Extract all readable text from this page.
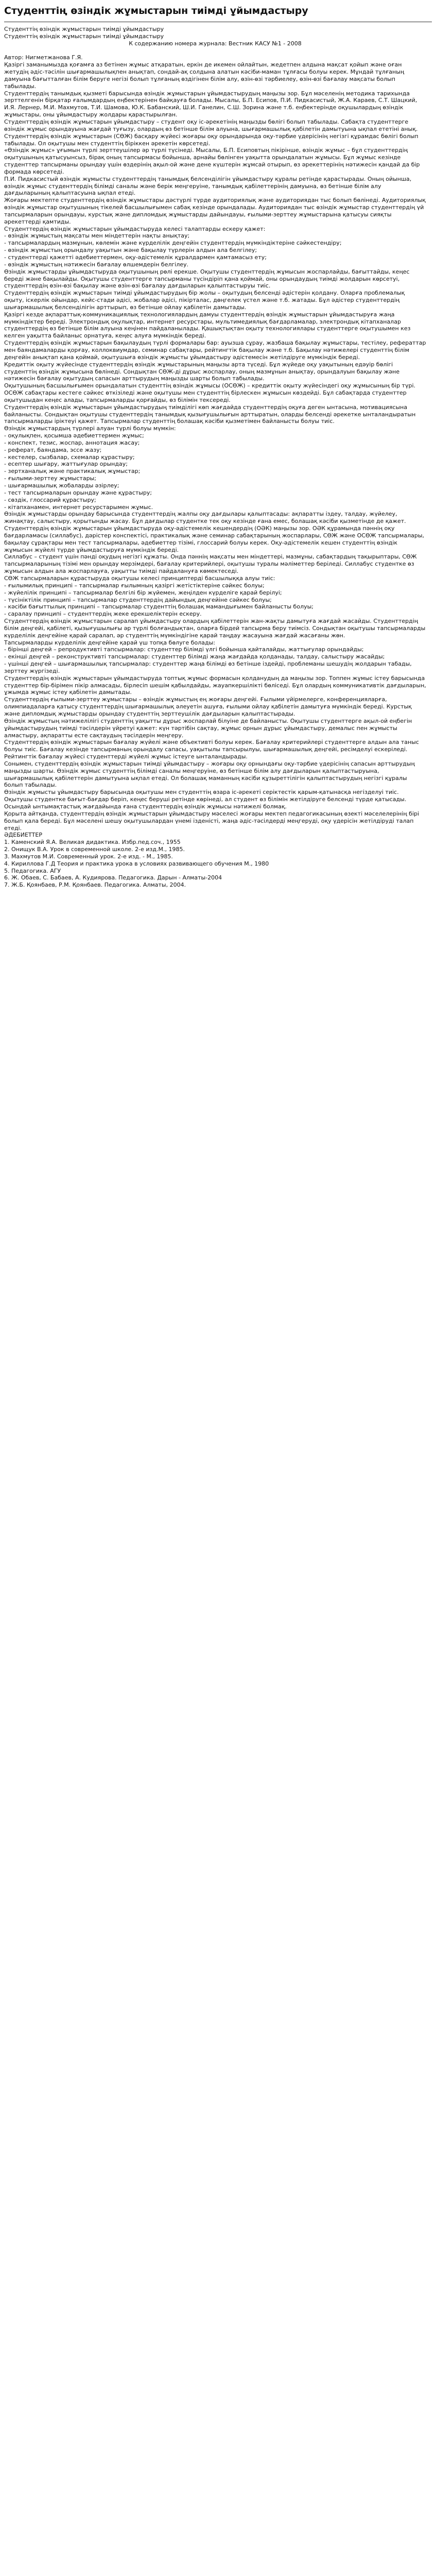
Студенттің өзіндік жұмыстарын тиімді ұйымдастыру

Студенттің өзіндік жұмыстарын тиімді ұйымдастыру

Студенттің өзіндік жұмыстарын тиімді ұйымдастыру

К содержанию номера журнала: Вестник КАСУ №1 - 2008

Автор: Нигметжанова Г.Я.

Қазіргі заманымызда қоғамға аз бетінен жұмыс атқаратын, еркін де икемен ойлайтын, жедетпен алдына мақсат қойып және оған жетудің әдіс-тәсілін шығармашылықпен анықтап, сондай-ақ солдына алатын кәсіби-маман тұлғасы болуы керек. Мұндай тұлғаның дамуына бағытталған білім беруге негізі болып тұлғаның өздігінен білім алу, өзін-өзі тәрбиелеу, өзін-өзі бағалау мақсаты болып табылады.

Студенттердің танымдық қызметі барысында өзіндік жұмыстарын ұйымдастырудың маңызы зор. Бұл мәселенің методика тарихында зерттелгенін бірқатар ғалымдардың еңбектерінен байқауға болады. Мысалы, Б.П. Есипов, П.И. Пидкасистый, Ж.А. Караев, С.Т. Шацкий, И.Я. Лернер, М.И. Махмутов, Т.И. Шамова, Ю.К. Бабанский, Ш.И. Ганелин, С.Ш. Зорина және т.б. еңбектерінде оқушылардың өзіндік жұмыстары, оны ұйымдастыру жолдары қарастырылған.

Студенттердің өзіндік жұмыстарын ұйымдастыру – студент оқу іс-әрекетінің маңызды бөлігі болып табылады. Сабақта студенттерге өзіндік жұмыс орындауына жағдай туғызу, олардың өз бетінше білім алуына, шығармашылық қабілетін дамытуына ықпал ететіні анық.

Студенттердің өзіндік жұмыстарын (СӨЖ) басқару жүйесі жоғары оқу орындарында оқу-тәрбие үдерісінің негізгі құрамдас бөлігі болып табылады. Ол оқытушы мен студенттің біріккен әрекетін көрсетеді.

«Өзіндік жұмыс» ұғымын түрлі зерттеушілер әр түрлі түсінеді. Мысалы, Б.П. Есиповтың пікірінше, өзіндік жұмыс – бұл студенттердің оқытушының қатысуынсыз, бірақ оның тапсырмасы бойынша, арнайы бөлінген уақытта орындалатын жұмысы. Бұл жұмыс кезінде студенттер тапсырманы орындау үшін өздерінің ақыл-ой және дене күштерін жұмсай отырып, өз әрекеттерінің нәтижесін қандай да бір формада көрсетеді.

П.И. Пидкасистый өзіндік жұмысты студенттердің танымдық белсенділігін ұйымдастыру құралы ретінде қарастырады. Оның ойынша, өзіндік жұмыс студенттердің білімді саналы және берік меңгеруіне, танымдық қабілеттерінің дамуына, өз бетінше білім алу дағдыларының қалыптасуына ықпал етеді.

Жоғары мектепте студенттердің өзіндік жұмыстары дәстүрлі түрде аудиториялық және аудиториядан тыс болып бөлінеді. Аудиториялық өзіндік жұмыстар оқытушының тікелей басшылығымен сабақ кезінде орындалады. Аудиториядан тыс өзіндік жұмыстар студенттердің үй тапсырмаларын орындауы, курстық және дипломдық жұмыстарды дайындауы, ғылыми-зерттеу жұмыстарына қатысуы сияқты әрекеттерді қамтиды.

Студенттердің өзіндік жұмыстарын ұйымдастыруда келесі талаптарды ескеру қажет:

- өзіндік жұмыстың мақсаты мен міндеттерін нақты анықтау;

- тапсырмалардың мазмұнын, көлемін және күрделілік деңгейін студенттердің мүмкіндіктеріне сәйкестендіру;

- өзіндік жұмыстың орындалу уақытын және бақылау түрлерін алдын ала белгілеу;

- студенттерді қажетті әдебиеттермен, оқу-әдістемелік құралдармен қамтамасыз ету;

- өзіндік жұмыстың нәтижесін бағалау өлшемдерін белгілеу.

Өзіндік жұмыстарды ұйымдастыруда оқытушының рөлі ерекше. Оқытушы студенттердің жұмысын жоспарлайды, бағыттайды, кеңес береді және бақылайды. Оқытушы студенттерге тапсырманы түсіндіріп қана қоймай, оны орындаудың тиімді жолдарын көрсетуі, студенттердің өзін-өзі бақылау және өзін-өзі бағалау дағдыларын қалыптастыруы тиіс.

Студенттердің өзіндік жұмыстарын тиімді ұйымдастырудың бір жолы – оқытудың белсенді әдістерін қолдану. Оларға проблемалық оқыту, іскерлік ойындар, кейс-стади әдісі, жобалар әдісі, пікірталас, дөңгелек үстел және т.б. жатады. Бұл әдістер студенттердің шығармашылық белсенділігін арттырып, өз бетінше ойлау қабілетін дамытады.

Қазіргі кезде ақпараттық-коммуникациялық технологиялардың дамуы студенттердің өзіндік жұмыстарын ұйымдастыруға жаңа мүмкіндіктер береді. Электрондық оқулықтар, интернет ресурстары, мультимедиялық бағдарламалар, электрондық кітапханалар студенттердің өз бетінше білім алуына кеңінен пайдаланылады. Қашықтықтан оқыту технологиялары студенттерге оқытушымен кез келген уақытта байланыс орнатуға, кеңес алуға мүмкіндік береді.

Студенттердің өзіндік жұмыстарын бақылаудың түрлі формалары бар: ауызша сұрау, жазбаша бақылау жұмыстары, тестілеу, рефераттар мен баяндамаларды қорғау, коллоквиумдар, семинар сабақтары, рейтингтік бақылау және т.б. Бақылау нәтижелері студенттің білім деңгейін анықтап қана қоймай, оқытушыға өзіндік жұмысты ұйымдастыру әдістемесін жетілдіруге мүмкіндік береді.

Кредиттік оқыту жүйесінде студенттердің өзіндік жұмыстарының маңызы арта түседі. Бұл жүйеде оқу уақытының едәуір бөлігі студенттің өзіндік жұмысына бөлінеді. Сондықтан СӨЖ-ді дұрыс жоспарлау, оның мазмұнын анықтау, орындалуын бақылау және нәтижесін бағалау оқытудың сапасын арттырудың маңызды шарты болып табылады.

Оқытушының басшылығымен орындалатын студенттің өзіндік жұмысы (ОСӨЖ) – кредиттік оқыту жүйесіндегі оқу жұмысының бір түрі. ОСӨЖ сабақтары кестеге сәйкес өткізіледі және оқытушы мен студенттің бірлескен жұмысын көздейді. Бұл сабақтарда студенттер оқытушыдан кеңес алады, тапсырмаларды қорғайды, өз білімін тексереді.

Студенттердің өзіндік жұмыстарын ұйымдастырудың тиімділігі көп жағдайда студенттердің оқуға деген ынтасына, мотивациясына байланысты. Сондықтан оқытушы студенттердің танымдық қызығушылығын арттыратын, оларды белсенді әрекетке ынталандыратын тапсырмаларды іріктеуі қажет. Тапсырмалар студенттің болашақ кәсіби қызметімен байланысты болуы тиіс.

Өзіндік жұмыстардың түрлері алуан түрлі болуы мүмкін:

- оқулықпен, қосымша әдебиеттермен жұмыс;

- конспект, тезис, жоспар, аннотация жасау;

- реферат, баяндама, эссе жазу;

- кестелер, сызбалар, схемалар құрастыру;

- есептер шығару, жаттығулар орындау;

- зертханалық және практикалық жұмыстар;

- ғылыми-зерттеу жұмыстары;

- шығармашылық жобаларды әзірлеу;

- тест тапсырмаларын орындау және құрастыру;

- сөздік, глоссарий құрастыру;

- кітапханамен, интернет ресурстарымен жұмыс.

Өзіндік жұмыстарды орындау барысында студенттердің жалпы оқу дағдылары қалыптасады: ақпаратты іздеу, талдау, жүйелеу, жинақтау, салыстыру, қорытынды жасау. Бұл дағдылар студентке тек оқу кезінде ғана емес, болашақ кәсіби қызметінде де қажет.

Студенттердің өзіндік жұмыстарын ұйымдастыруда оқу-әдістемелік кешендердің (ОӘК) маңызы зор. ОӘК құрамында пәннің оқу бағдарламасы (силлабус), дәрістер конспектісі, практикалық және семинар сабақтарының жоспарлары, СӨЖ және ОСӨЖ тапсырмалары, бақылау сұрақтары мен тест тапсырмалары, әдебиеттер тізімі, глоссарий болуы керек. Оқу-әдістемелік кешен студенттің өзіндік жұмысын жүйелі түрде ұйымдастыруға мүмкіндік береді.

Силлабус – студент үшін пәнді оқудың негізгі құжаты. Онда пәннің мақсаты мен міндеттері, мазмұны, сабақтардың тақырыптары, СӨЖ тапсырмаларының тізімі мен орындау мерзімдері, бағалау критерийлері, оқытушы туралы мәліметтер беріледі. Силлабус студентке өз жұмысын алдын ала жоспарлауға, уақытты тиімді пайдалануға көмектеседі.

СӨЖ тапсырмаларын құрастыруда оқытушы келесі принциптерді басшылыққа алуы тиіс:

- ғылымилық принципі – тапсырмалар ғылымның қазіргі жетістіктеріне сәйкес болуы;

- жүйелілік принципі – тапсырмалар белгілі бір жүйемен, жеңілден күрделіге қарай берілуі;

- түсініктілік принципі – тапсырмалар студенттердің дайындық деңгейіне сәйкес болуы;

- кәсіби бағыттылық принципі – тапсырмалар студенттің болашақ мамандығымен байланысты болуы;

- саралау принципі – студенттердің жеке ерекшеліктерін ескеру.

Студенттердің өзіндік жұмыстарын саралап ұйымдастыру олардың қабілеттерін жан-жақты дамытуға жағдай жасайды. Студенттердің білім деңгейі, қабілеті, қызығушылығы әр түрлі болғандықтан, оларға бірдей тапсырма беру тиімсіз. Сондықтан оқытушы тапсырмаларды күрделілік деңгейіне қарай саралап, әр студенттің мүмкіндігіне қарай таңдау жасауына жағдай жасағаны жөн.

Тапсырмаларды күрделілік деңгейіне қарай үш топқа бөлуге болады:

- бірінші деңгей – репродуктивті тапсырмалар: студенттер білімді үлгі бойынша қайталайды, жаттығулар орындайды;

- екінші деңгей – реконструктивті тапсырмалар: студенттер білімді жаңа жағдайда қолданады, талдау, салыстыру жасайды;

- үшінші деңгей – шығармашылық тапсырмалар: студенттер жаңа білімді өз бетінше іздейді, проблеманы шешудің жолдарын табады, зерттеу жүргізеді.

Студенттердің өзіндік жұмыстарын ұйымдастыруда топтық жұмыс формасын қолданудың да маңызы зор. Топпен жұмыс істеу барысында студенттер бір-бірімен пікір алмасады, бірлесіп шешім қабылдайды, жауапкершілікті бөліседі. Бұл олардың коммуникативтік дағдыларын, ұжымда жұмыс істеу қабілетін дамытады.

Студенттердің ғылыми-зерттеу жұмыстары – өзіндік жұмыстың ең жоғары деңгейі. Ғылыми үйірмелерге, конференцияларға, олимпиадаларға қатысу студенттердің шығармашылық әлеуетін ашуға, ғылыми ойлау қабілетін дамытуға мүмкіндік береді. Курстық және дипломдық жұмыстарды орындау студенттің зерттеушілік дағдыларын қалыптастырады.

Өзіндік жұмыстың нәтижелілігі студенттің уақытты дұрыс жоспарлай білуіне де байланысты. Оқытушы студенттерге ақыл-ой еңбегін ұйымдастырудың тиімді тәсілдерін үйретуі қажет: күн тәртібін сақтау, жұмыс орнын дұрыс ұйымдастыру, демалыс пен жұмысты алмастыру, ақпаратты есте сақтаудың тәсілдерін меңгеру.

Студенттердің өзіндік жұмыстарын бағалау жүйелі және объективті болуы керек. Бағалау критерийлері студенттерге алдын ала таныс болуы тиіс. Бағалау кезінде тапсырманың орындалу сапасы, уақытылы тапсырылуы, шығармашылық деңгейі, ресімделуі ескеріледі. Рейтингтік бағалау жүйесі студенттерді жүйелі жұмыс істеуге ынталандырады.

Сонымен, студенттердің өзіндік жұмыстарын тиімді ұйымдастыру – жоғары оқу орнындағы оқу-тәрбие үдерісінің сапасын арттырудың маңызды шарты. Өзіндік жұмыс студенттің білімді саналы меңгеруіне, өз бетінше білім алу дағдыларын қалыптастыруына, шығармашылық қабілеттерін дамытуына ықпал етеді. Ол болашақ маманның кәсіби құзыреттілігін қалыптастырудың негізгі құралы болып табылады.

Өзіндік жұмысты ұйымдастыру барысында оқытушы мен студенттің өзара іс-әрекеті серіктестік қарым-қатынасқа негізделуі тиіс. Оқытушы студентке бағыт-бағдар беріп, кеңес беруші ретінде көрінеді, ал студент өз білімін жетілдіруге белсенді түрде қатысады. Осындай ынтымақтастық жағдайында ғана студенттердің өзіндік жұмысы нәтижелі болмақ.

Қорыта айтқанда, студенттердің өзіндік жұмыстарын ұйымдастыру мәселесі жоғары мектеп педагогикасының өзекті мәселелерінің бірі болып қала береді. Бұл мәселені шешу оқытушылардан үнемі ізденісті, жаңа әдіс-тәсілдерді меңгеруді, оқу үдерісін жетілдіруді талап етеді.

ӘДЕБИЕТТЕР

1. Каменский Я.А. Великая дидактика. Избр.пед.соч., 1955

2. Онищук В.А. Урок в современной школе. 2-е изд.М., 1985.

3. Махмутов М.И. Современный урок. 2-е изд. - М., 1985.

4. Кириллова Г.Д Теория и практика урока в условиях развивающего обучения М., 1980

5. Педагогика. АГУ

6. Ж. Обаев, С. Бабаев, А. Кудиярова. Педагогика. Дарын - Алматы-2004

7. Ж.Б. Қоянбаев, Р.М. Қоянбаев. Педагогика. Алматы, 2004.
